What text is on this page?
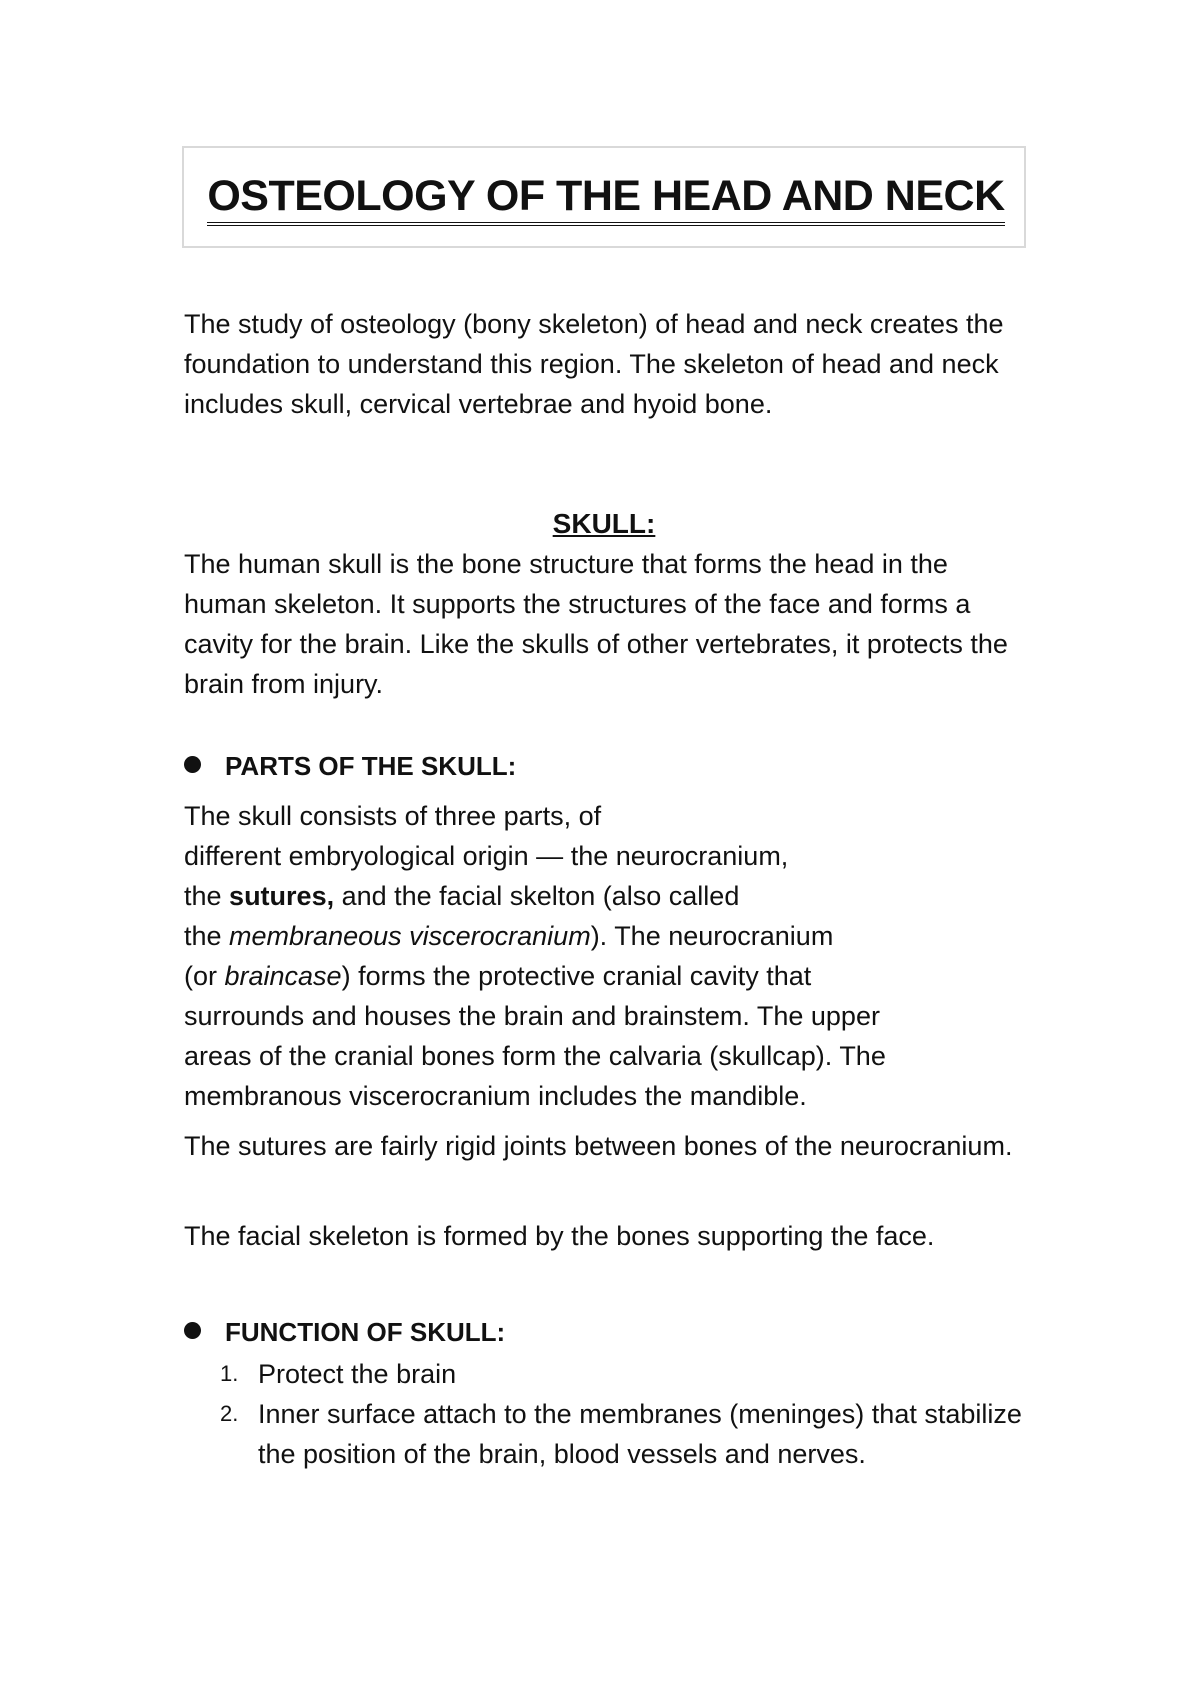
OSTEOLOGY OF THE HEAD AND NECK

The study of osteology (bony skeleton) of head and neck creates the foundation to understand this region. The skeleton of head and neck includes skull, cervical vertebrae and hyoid bone.

SKULL:

The human skull is the bone structure that forms the head in the human skeleton. It supports the structures of the face and forms a cavity for the brain. Like the skulls of other vertebrates, it protects the brain from injury.

PARTS OF THE SKULL:

The skull consists of three parts, of
different embryological origin — the neurocranium,
the sutures, and the facial skelton (also called
the membraneous viscerocranium). The neurocranium
(or braincase) forms the protective cranial cavity that
surrounds and houses the brain and brainstem. The upper
areas of the cranial bones form the calvaria (skullcap). The
membranous viscerocranium includes the mandible.

The sutures are fairly rigid joints between bones of the neurocranium.

The facial skeleton is formed by the bones supporting the face.

FUNCTION OF SKULL:
1. Protect the brain
2. Inner surface attach to the membranes (meninges) that stabilize the position of the brain, blood vessels and nerves.
